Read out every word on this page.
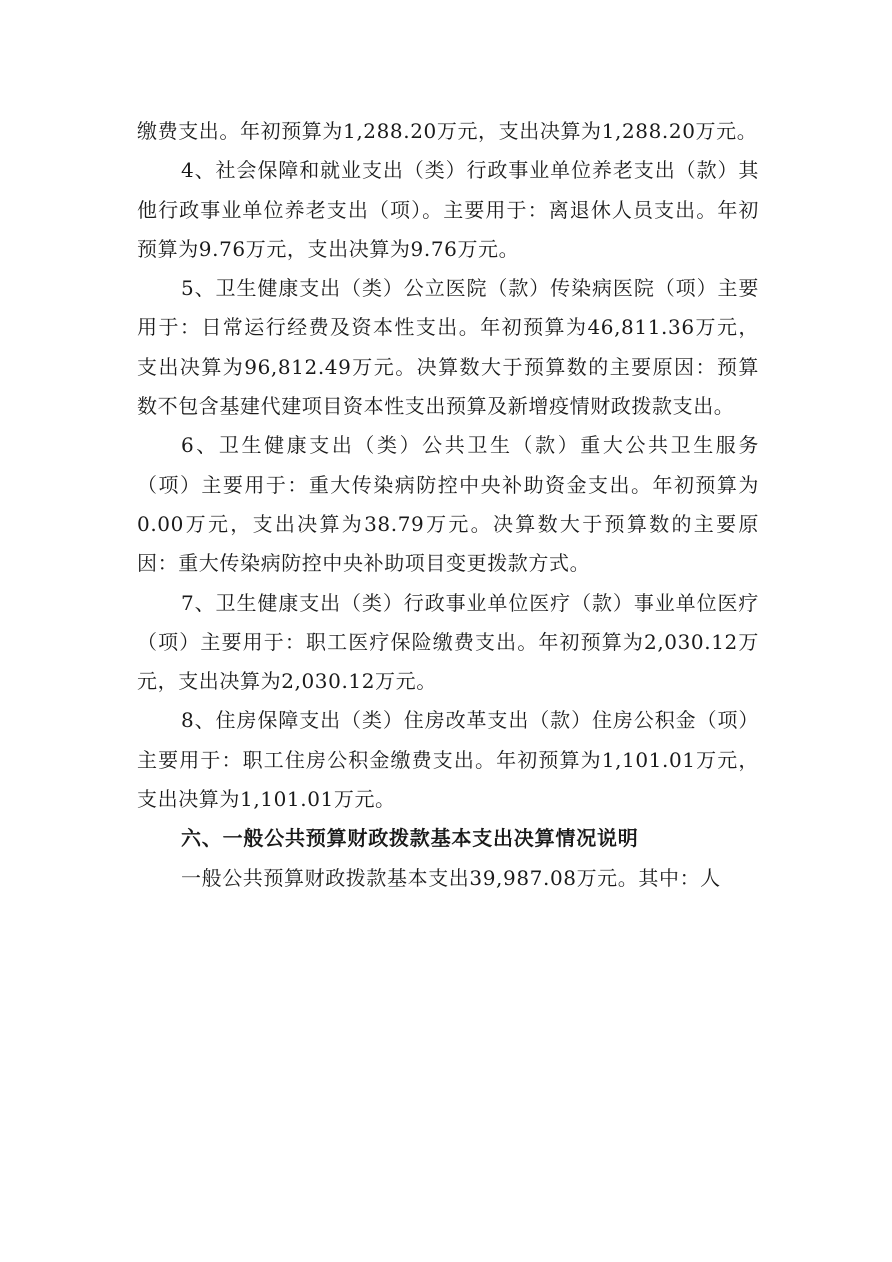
缴费支出。年初预算为1,288.20万元，支出决算为1,288.20万元。

4、社会保障和就业支出（类）行政事业单位养老支出（款）其他行政事业单位养老支出（项）。主要用于：离退休人员支出。年初预算为9.76万元，支出决算为9.76万元。

5、卫生健康支出（类）公立医院（款）传染病医院（项）主要用于：日常运行经费及资本性支出。年初预算为46,811.36万元，支出决算为96,812.49万元。决算数大于预算数的主要原因：预算数不包含基建代建项目资本性支出预算及新增疫情财政拨款支出。

6、卫生健康支出（类）公共卫生（款）重大公共卫生服务（项）主要用于：重大传染病防控中央补助资金支出。年初预算为0.00万元，支出决算为38.79万元。决算数大于预算数的主要原因：重大传染病防控中央补助项目变更拨款方式。

7、卫生健康支出（类）行政事业单位医疗（款）事业单位医疗（项）主要用于：职工医疗保险缴费支出。年初预算为2,030.12万元，支出决算为2,030.12万元。

8、住房保障支出（类）住房改革支出（款）住房公积金（项）主要用于：职工住房公积金缴费支出。年初预算为1,101.01万元，支出决算为1,101.01万元。

六、一般公共预算财政拨款基本支出决算情况说明

一般公共预算财政拨款基本支出39,987.08万元。其中：人
